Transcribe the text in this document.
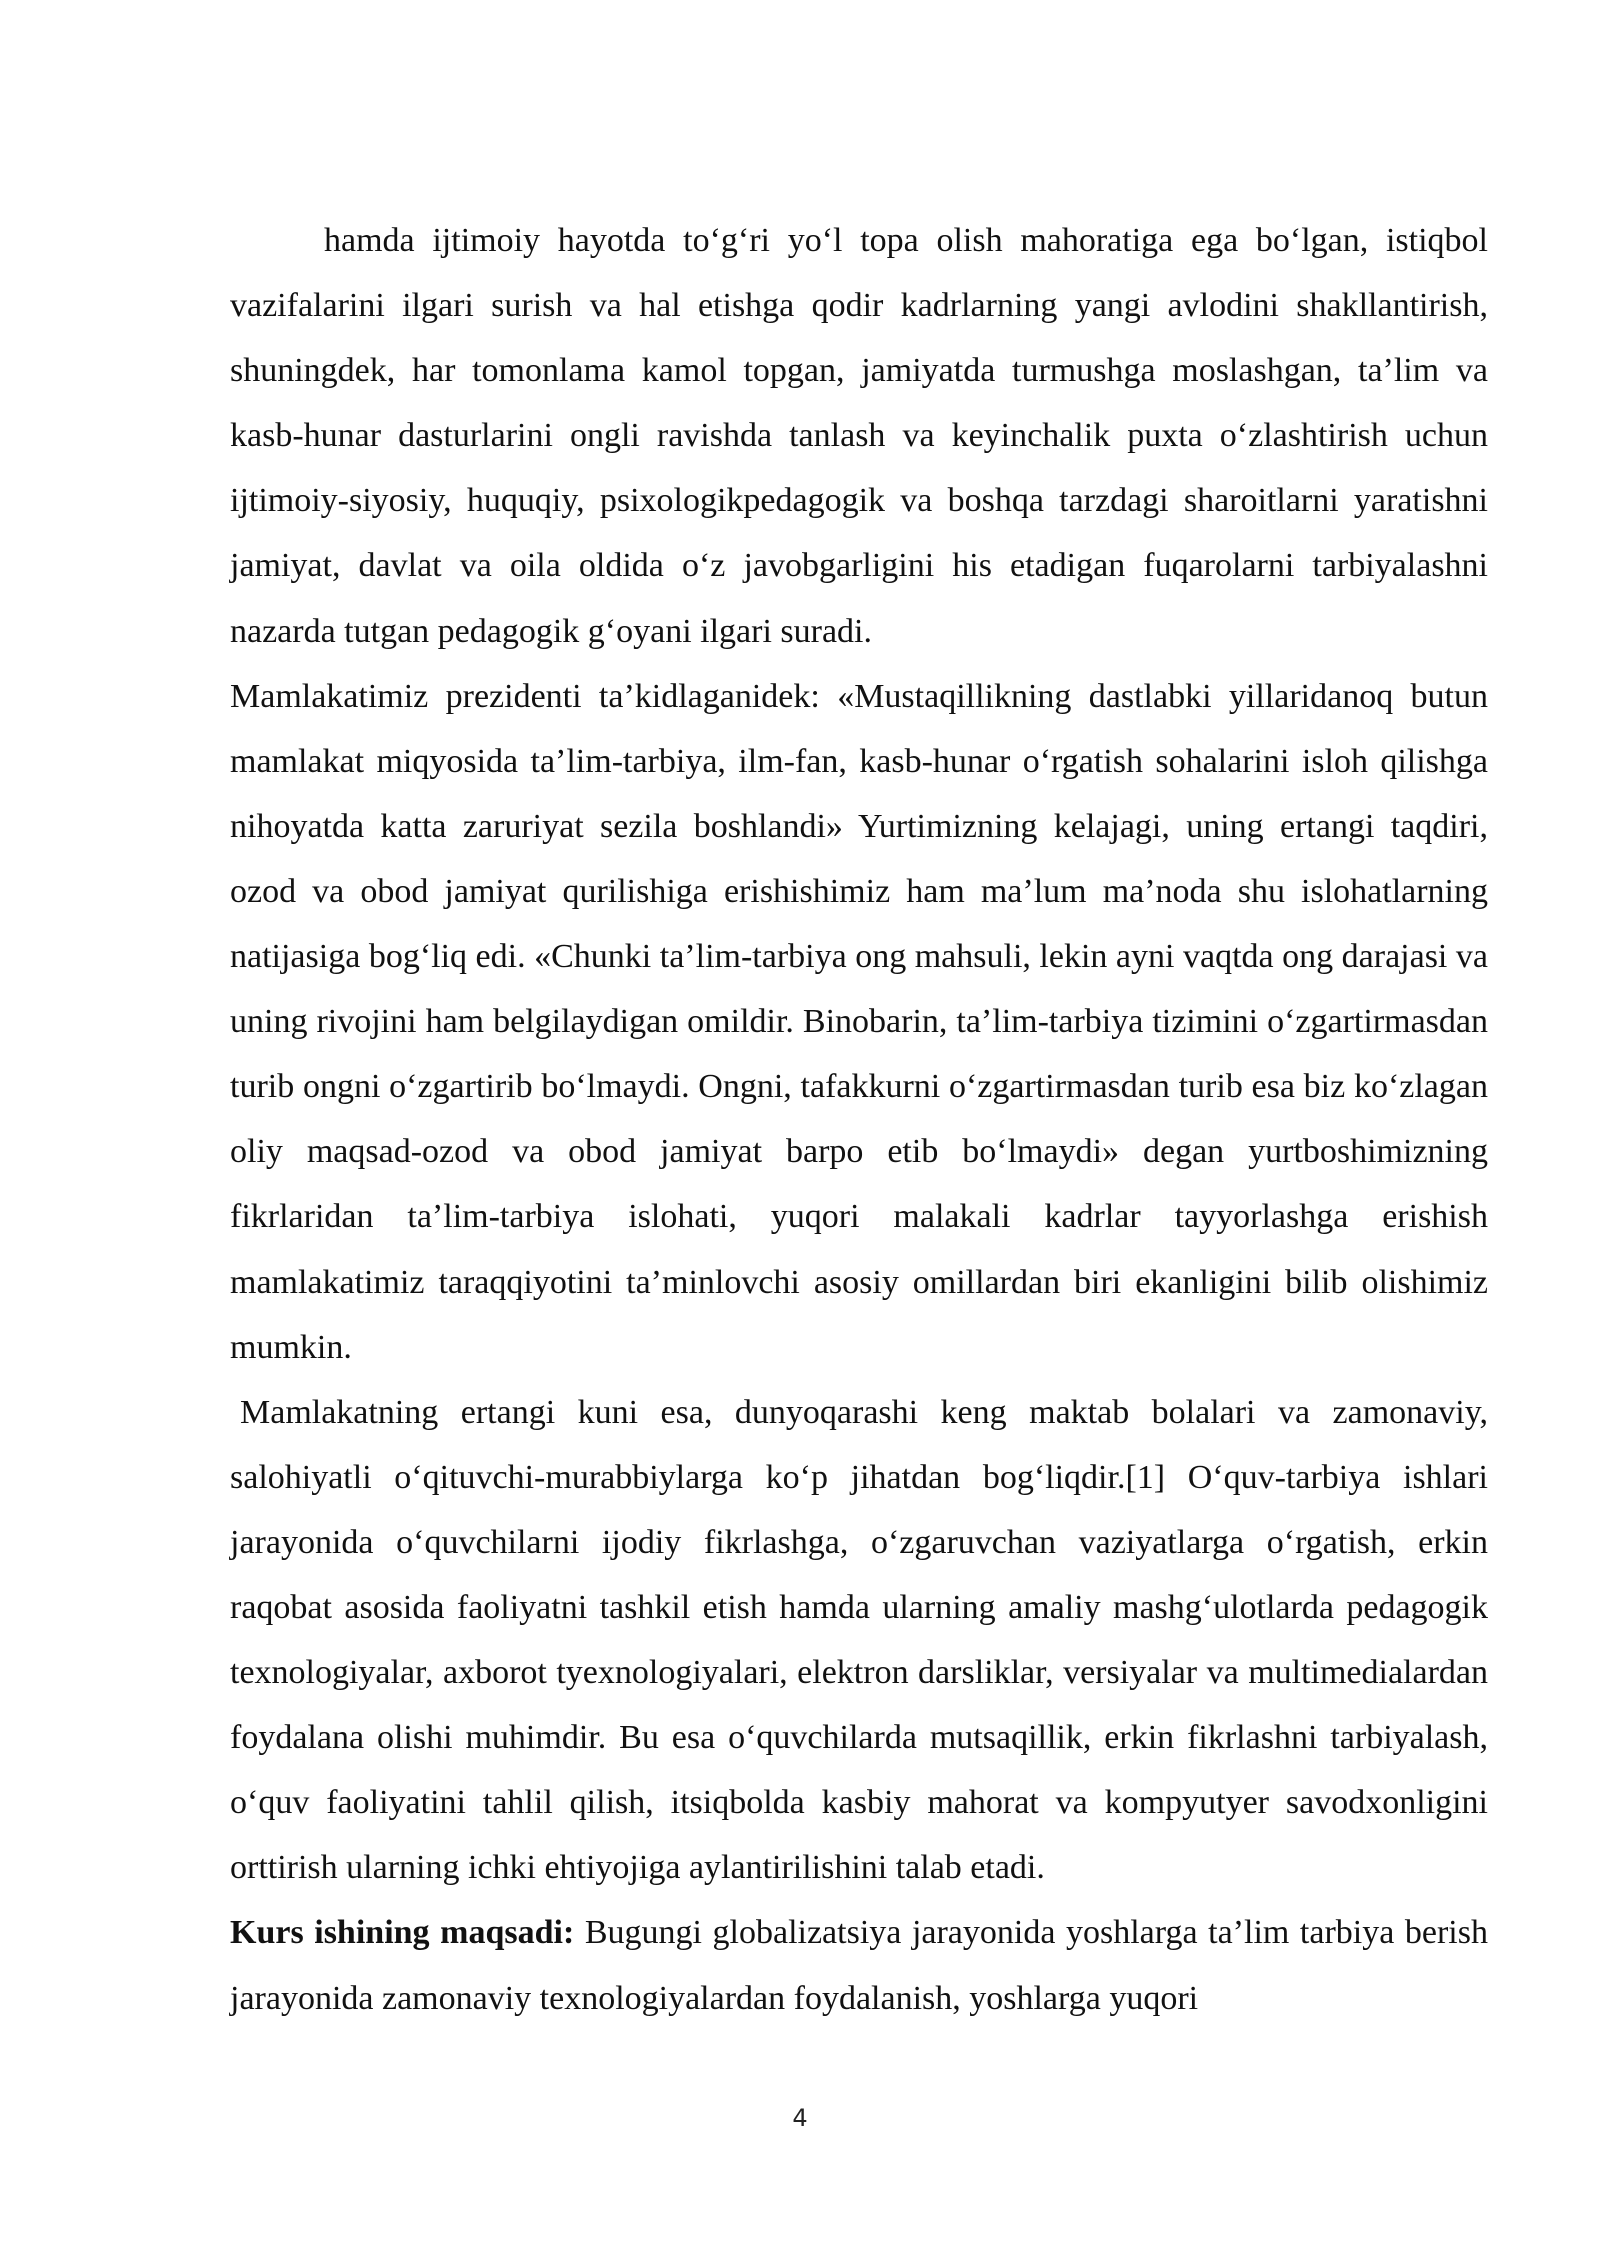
hamda ijtimoiy hayotda to‘g‘ri yo‘l topa olish mahoratiga ega bo‘lgan, istiqbol vazifalarini ilgari surish va hal etishga qodir kadrlarning yangi avlodini shakllantirish, shuningdek, har tomonlama kamol topgan, jamiyatda turmushga moslashgan, ta’lim va kasb-hunar dasturlarini ongli ravishda tanlash va keyinchalik puxta o‘zlashtirish uchun ijtimoiy-siyosiy, huquqiy, psixologikpedagogik va boshqa tarzdagi sharoitlarni yaratishni jamiyat, davlat va oila oldida o‘z javobgarligini his etadigan fuqarolarni tarbiyalashni nazarda tutgan pedagogik g‘oyani ilgari suradi.

Mamlakatimiz prezidenti ta’kidlaganidek: «Mustaqillikning dastlabki yillaridanoq butun mamlakat miqyosida ta’lim-tarbiya, ilm-fan, kasb-hunar o‘rgatish sohalarini isloh qilishga nihoyatda katta zaruriyat sezila boshlandi» Yurtimizning kelajagi, uning ertangi taqdiri, ozod va obod jamiyat qurilishiga erishishimiz ham ma’lum ma’noda shu islohatlarning natijasiga bog‘liq edi. «Chunki ta’lim-tarbiya ong mahsuli, lekin ayni vaqtda ong darajasi va uning rivojini ham belgilaydigan omildir. Binobarin, ta’lim-tarbiya tizimini o‘zgartirmasdan turib ongni o‘zgartirib bo‘lmaydi. Ongni, tafakkurni o‘zgartirmasdan turib esa biz ko‘zlagan oliy maqsad-ozod va obod jamiyat barpo etib bo‘lmaydi» degan yurtboshimizning fikrlaridan ta’lim-tarbiya islohati, yuqori malakali kadrlar tayyorlashga erishish mamlakatimiz taraqqiyotini ta’minlovchi asosiy omillardan biri ekanligini bilib olishimiz mumkin.

Mamlakatning ertangi kuni esa, dunyoqarashi keng maktab bolalari va zamonaviy, salohiyatli o‘qituvchi-murabbiylarga ko‘p jihatdan bog‘liqdir.[1] O‘quv-tarbiya ishlari jarayonida o‘quvchilarni ijodiy fikrlashga, o‘zgaruvchan vaziyatlarga o‘rgatish, erkin raqobat asosida faoliyatni tashkil etish hamda ularning amaliy mashg‘ulotlarda pedagogik texnologiyalar, axborot tyexnologiyalari, elektron darsliklar, versiyalar va multimedialardan foydalana olishi muhimdir. Bu esa o‘quvchilarda mutsaqillik, erkin fikrlashni tarbiyalash, o‘quv faoliyatini tahlil qilish, itsiqbolda kasbiy mahorat va kompyutyer savodxonligini orttirish ularning ichki ehtiyojiga aylantirilishini talab etadi.

Kurs ishining maqsadi: Bugungi globalizatsiya jarayonida yoshlarga ta’lim tarbiya berish jarayonida zamonaviy texnologiyalardan foydalanish, yoshlarga yuqori

4
